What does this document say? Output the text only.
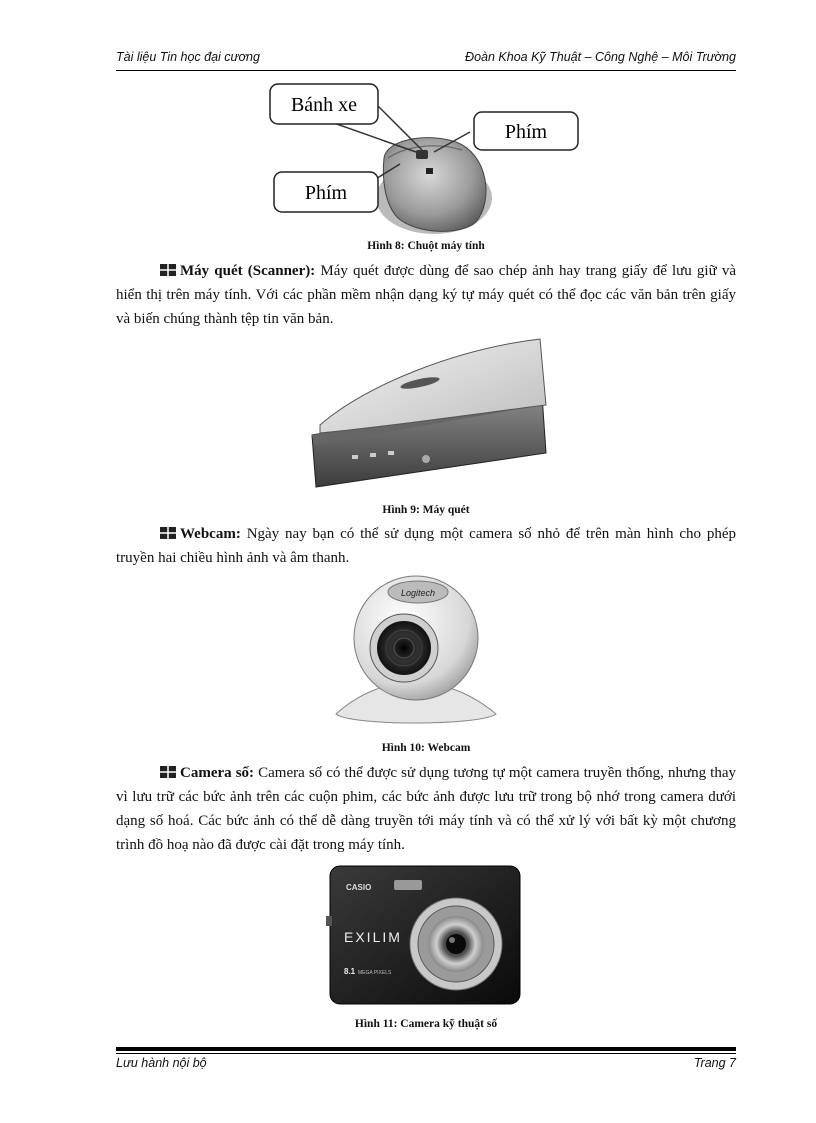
Tài liệu Tin học đại cương	Đoàn Khoa Kỹ Thuật – Công Nghệ – Môi Trường
Bánh xe
Phím
Phím
Hình 8: Chuột máy tính
Máy quét (Scanner): Máy quét được dùng để sao chép ảnh hay trang giấy để lưu giữ và hiển thị trên máy tính. Với các phần mềm nhận dạng ký tự máy quét có thể đọc các văn bản trên giấy và biến chúng thành tệp tin văn bản.
Hình 9: Máy quét
Webcam: Ngày nay bạn có thể sử dụng một camera số nhỏ để trên màn hình cho phép truyền hai chiều hình ảnh và âm thanh.
Logitech
Hình 10: Webcam
Camera số: Camera số có thể được sử dụng tương tự một camera truyền thống, nhưng thay vì lưu trữ các bức ảnh trên các cuộn phim, các bức ảnh được lưu trữ trong bộ nhớ trong camera dưới dạng số hoá. Các bức ảnh có thể dễ dàng truyền tới máy tính và có thể xử lý với bất kỳ một chương trình đồ hoạ nào đã được cài đặt trong máy tính.
CASIO
EXILIM
8.1 MEGA PIXELS
Hình 11: Camera kỹ thuật số
Lưu hành nội bộ	Trang 7
